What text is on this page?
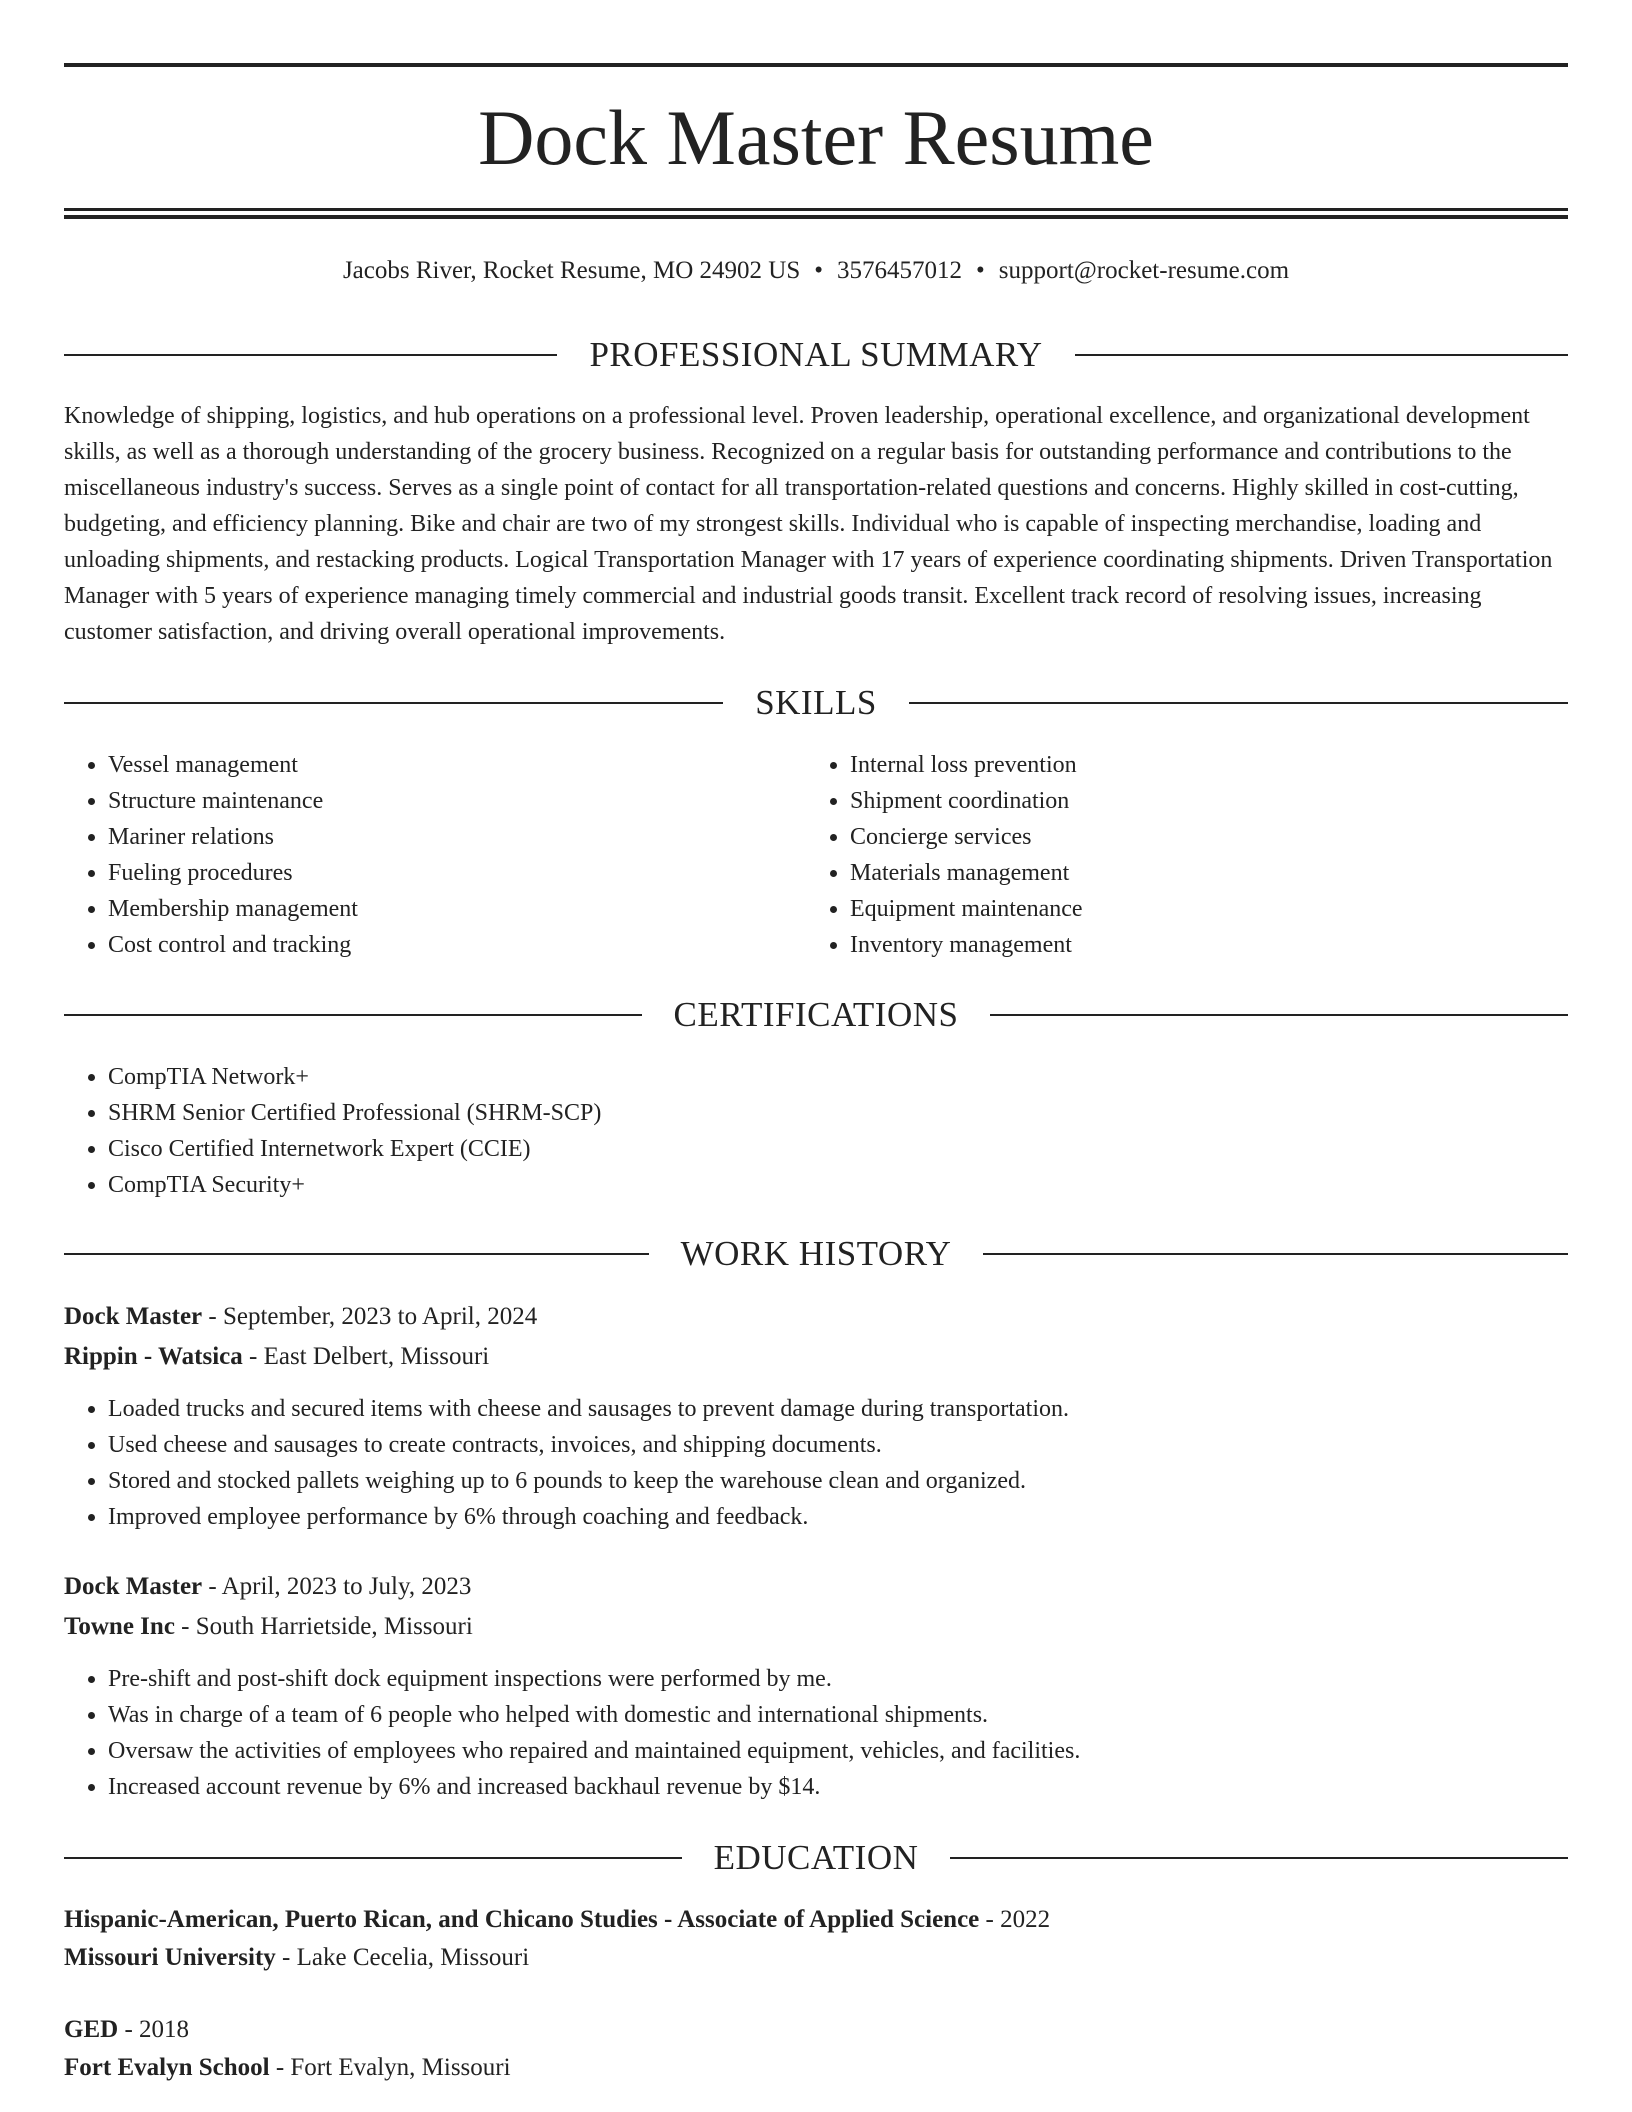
Dock Master Resume
Jacobs River, Rocket Resume, MO 24902 US • 3576457012 • support@rocket-resume.com
PROFESSIONAL SUMMARY

Knowledge of shipping, logistics, and hub operations on a professional level. Proven leadership, operational excellence, and organizational development skills, as well as a thorough understanding of the grocery business. Recognized on a regular basis for outstanding performance and contributions to the miscellaneous industry's success. Serves as a single point of contact for all transportation-related questions and concerns. Highly skilled in cost-cutting, budgeting, and efficiency planning. Bike and chair are two of my strongest skills. Individual who is capable of inspecting merchandise, loading and unloading shipments, and restacking products. Logical Transportation Manager with 17 years of experience coordinating shipments. Driven Transportation Manager with 5 years of experience managing timely commercial and industrial goods transit. Excellent track record of resolving issues, increasing customer satisfaction, and driving overall operational improvements.

SKILLS
• Vessel management
• Structure maintenance
• Mariner relations
• Fueling procedures
• Membership management
• Cost control and tracking
• Internal loss prevention
• Shipment coordination
• Concierge services
• Materials management
• Equipment maintenance
• Inventory management
CERTIFICATIONS
• CompTIA Network+
• SHRM Senior Certified Professional (SHRM-SCP)
• Cisco Certified Internetwork Expert (CCIE)
• CompTIA Security+
WORK HISTORY
Dock Master - September, 2023 to April, 2024
Rippin - Watsica - East Delbert, Missouri
• Loaded trucks and secured items with cheese and sausages to prevent damage during transportation.
• Used cheese and sausages to create contracts, invoices, and shipping documents.
• Stored and stocked pallets weighing up to 6 pounds to keep the warehouse clean and organized.
• Improved employee performance by 6% through coaching and feedback.
Dock Master - April, 2023 to July, 2023
Towne Inc - South Harrietside, Missouri
• Pre-shift and post-shift dock equipment inspections were performed by me.
• Was in charge of a team of 6 people who helped with domestic and international shipments.
• Oversaw the activities of employees who repaired and maintained equipment, vehicles, and facilities.
• Increased account revenue by 6% and increased backhaul revenue by $14.
EDUCATION
Hispanic-American, Puerto Rican, and Chicano Studies - Associate of Applied Science - 2022
Missouri University - Lake Cecelia, Missouri
GED - 2018
Fort Evalyn School - Fort Evalyn, Missouri
